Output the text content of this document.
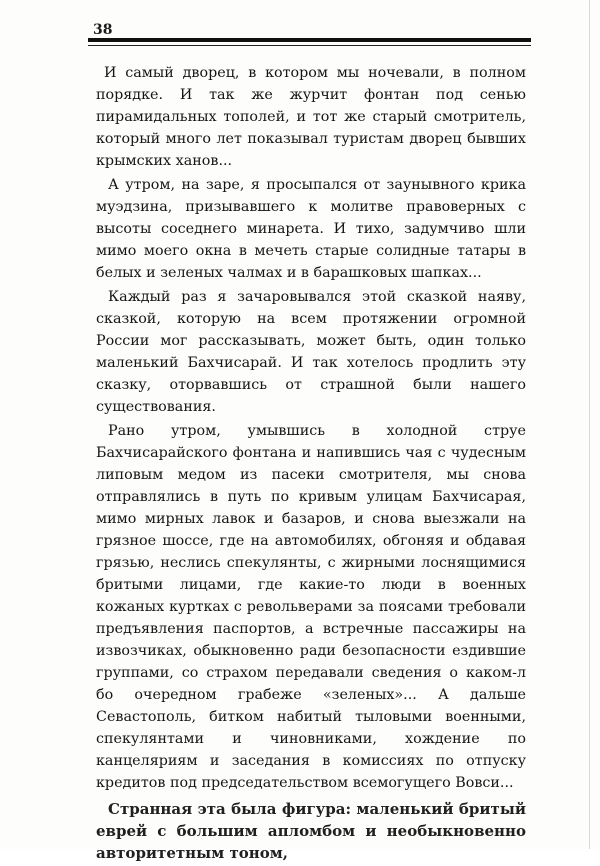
38

И самый дворец, в котором мы ночевали, в полном порядке. И так же журчит фонтан под сенью пирамидальных тополей, и тот же старый смотритель, который много лет показывал туристам дворец бывших крымских ханов...

А утром, на заре, я просыпался от заунывного крика муэдзина, призывавшего к молитве правоверных с высоты соседнего минарета. И тихо, задумчиво шли мимо моего окна в мечеть старые солидные татары в белых и зеленых чалмах и в барашковых шапках...

Каждый раз я зачаровывался этой сказкой наяву, сказкой, которую на всем протяжении огромной России мог рассказывать, может быть, один только маленький Бахчисарай. И так хотелось продлить эту сказку, оторвавшись от страшной были нашего существования.

Рано утром, умывшись в холодной струе Бахчисарайского фонтана и напившись чая с чудесным липовым медом из пасеки смотрителя, мы снова отправлялись в путь по кривым улицам Бахчисарая, мимо мирных лавок и базаров, и снова выезжали на грязное шоссе, где на автомобилях, обгоняя и обдавая грязью, неслись спекулянты, с жирными лоснящимися бритыми лицами, где какие-то люди в военных кожаных куртках с револьверами за поясами требовали предъявления паспортов, а встречные пассажиры на извозчиках, обыкновенно ради безопасности ездившие группами, со страхом передавали сведения о каком-л бо очередном грабеже «зеленых»... А дальше Севастополь, битком набитый тыловыми военными, спекулянтами и чиновниками, хождение по канцеляриям и заседания в комиссиях по отпуску кредитов под председательством всемогущего Вовси...

Странная эта была фигура: маленький бритый еврей с большим апломбом и необыкновенно авторитетным тоном,
